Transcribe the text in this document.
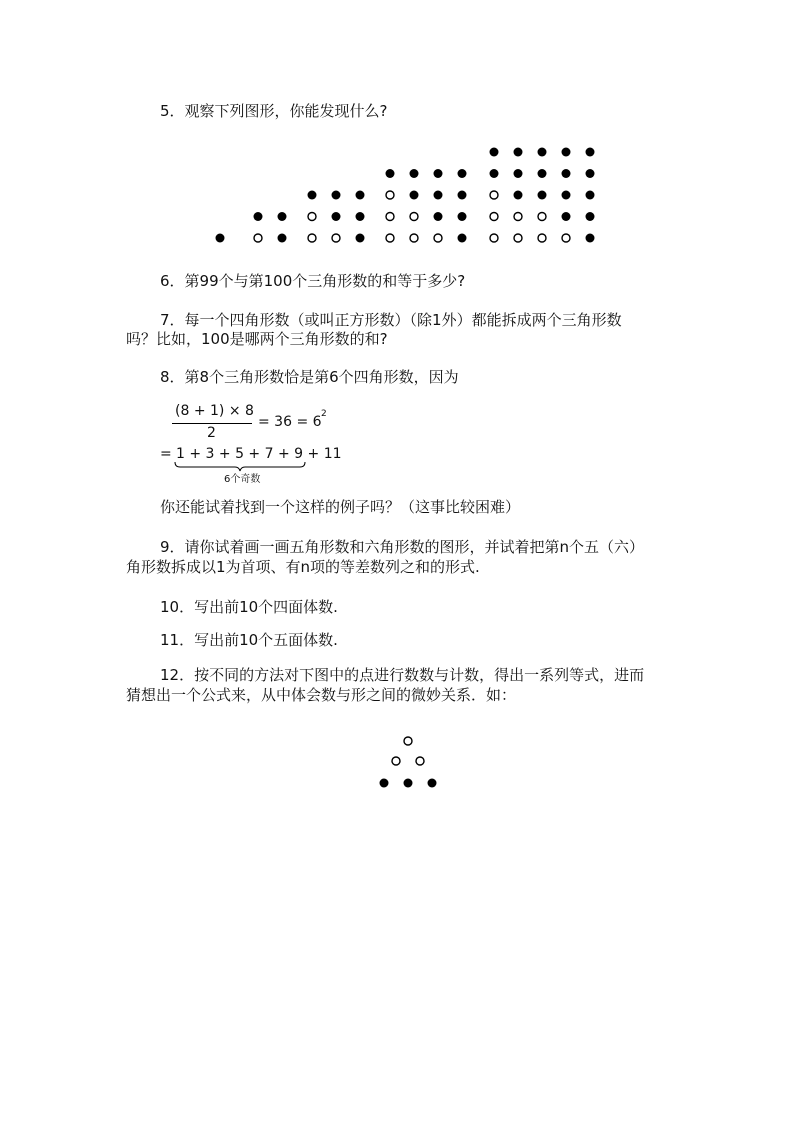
5．观察下列图形，你能发现什么?

6．第99个与第100个三角形数的和等于多少?

7．每一个四角形数（或叫正方形数）（除1外）都能拆成两个三角形数

吗？比如，100是哪两个三角形数的和?

8．第8个三角形数恰是第6个四角形数，因为

(8 + 1) × 8
2
= 36 = 6 2
= 1 + 3 + 5 + 7 + 9 + 11
6个奇数

你还能试着找到一个这样的例子吗？（这事比较困难）

9．请你试着画一画五角形数和六角形数的图形，并试着把第n个五（六）

角形数拆成以1为首项、有n项的等差数列之和的形式.

10．写出前10个四面体数.

11．写出前10个五面体数.

12．按不同的方法对下图中的点进行数数与计数，得出一系列等式，进而

猜想出一个公式来，从中体会数与形之间的微妙关系．如：
